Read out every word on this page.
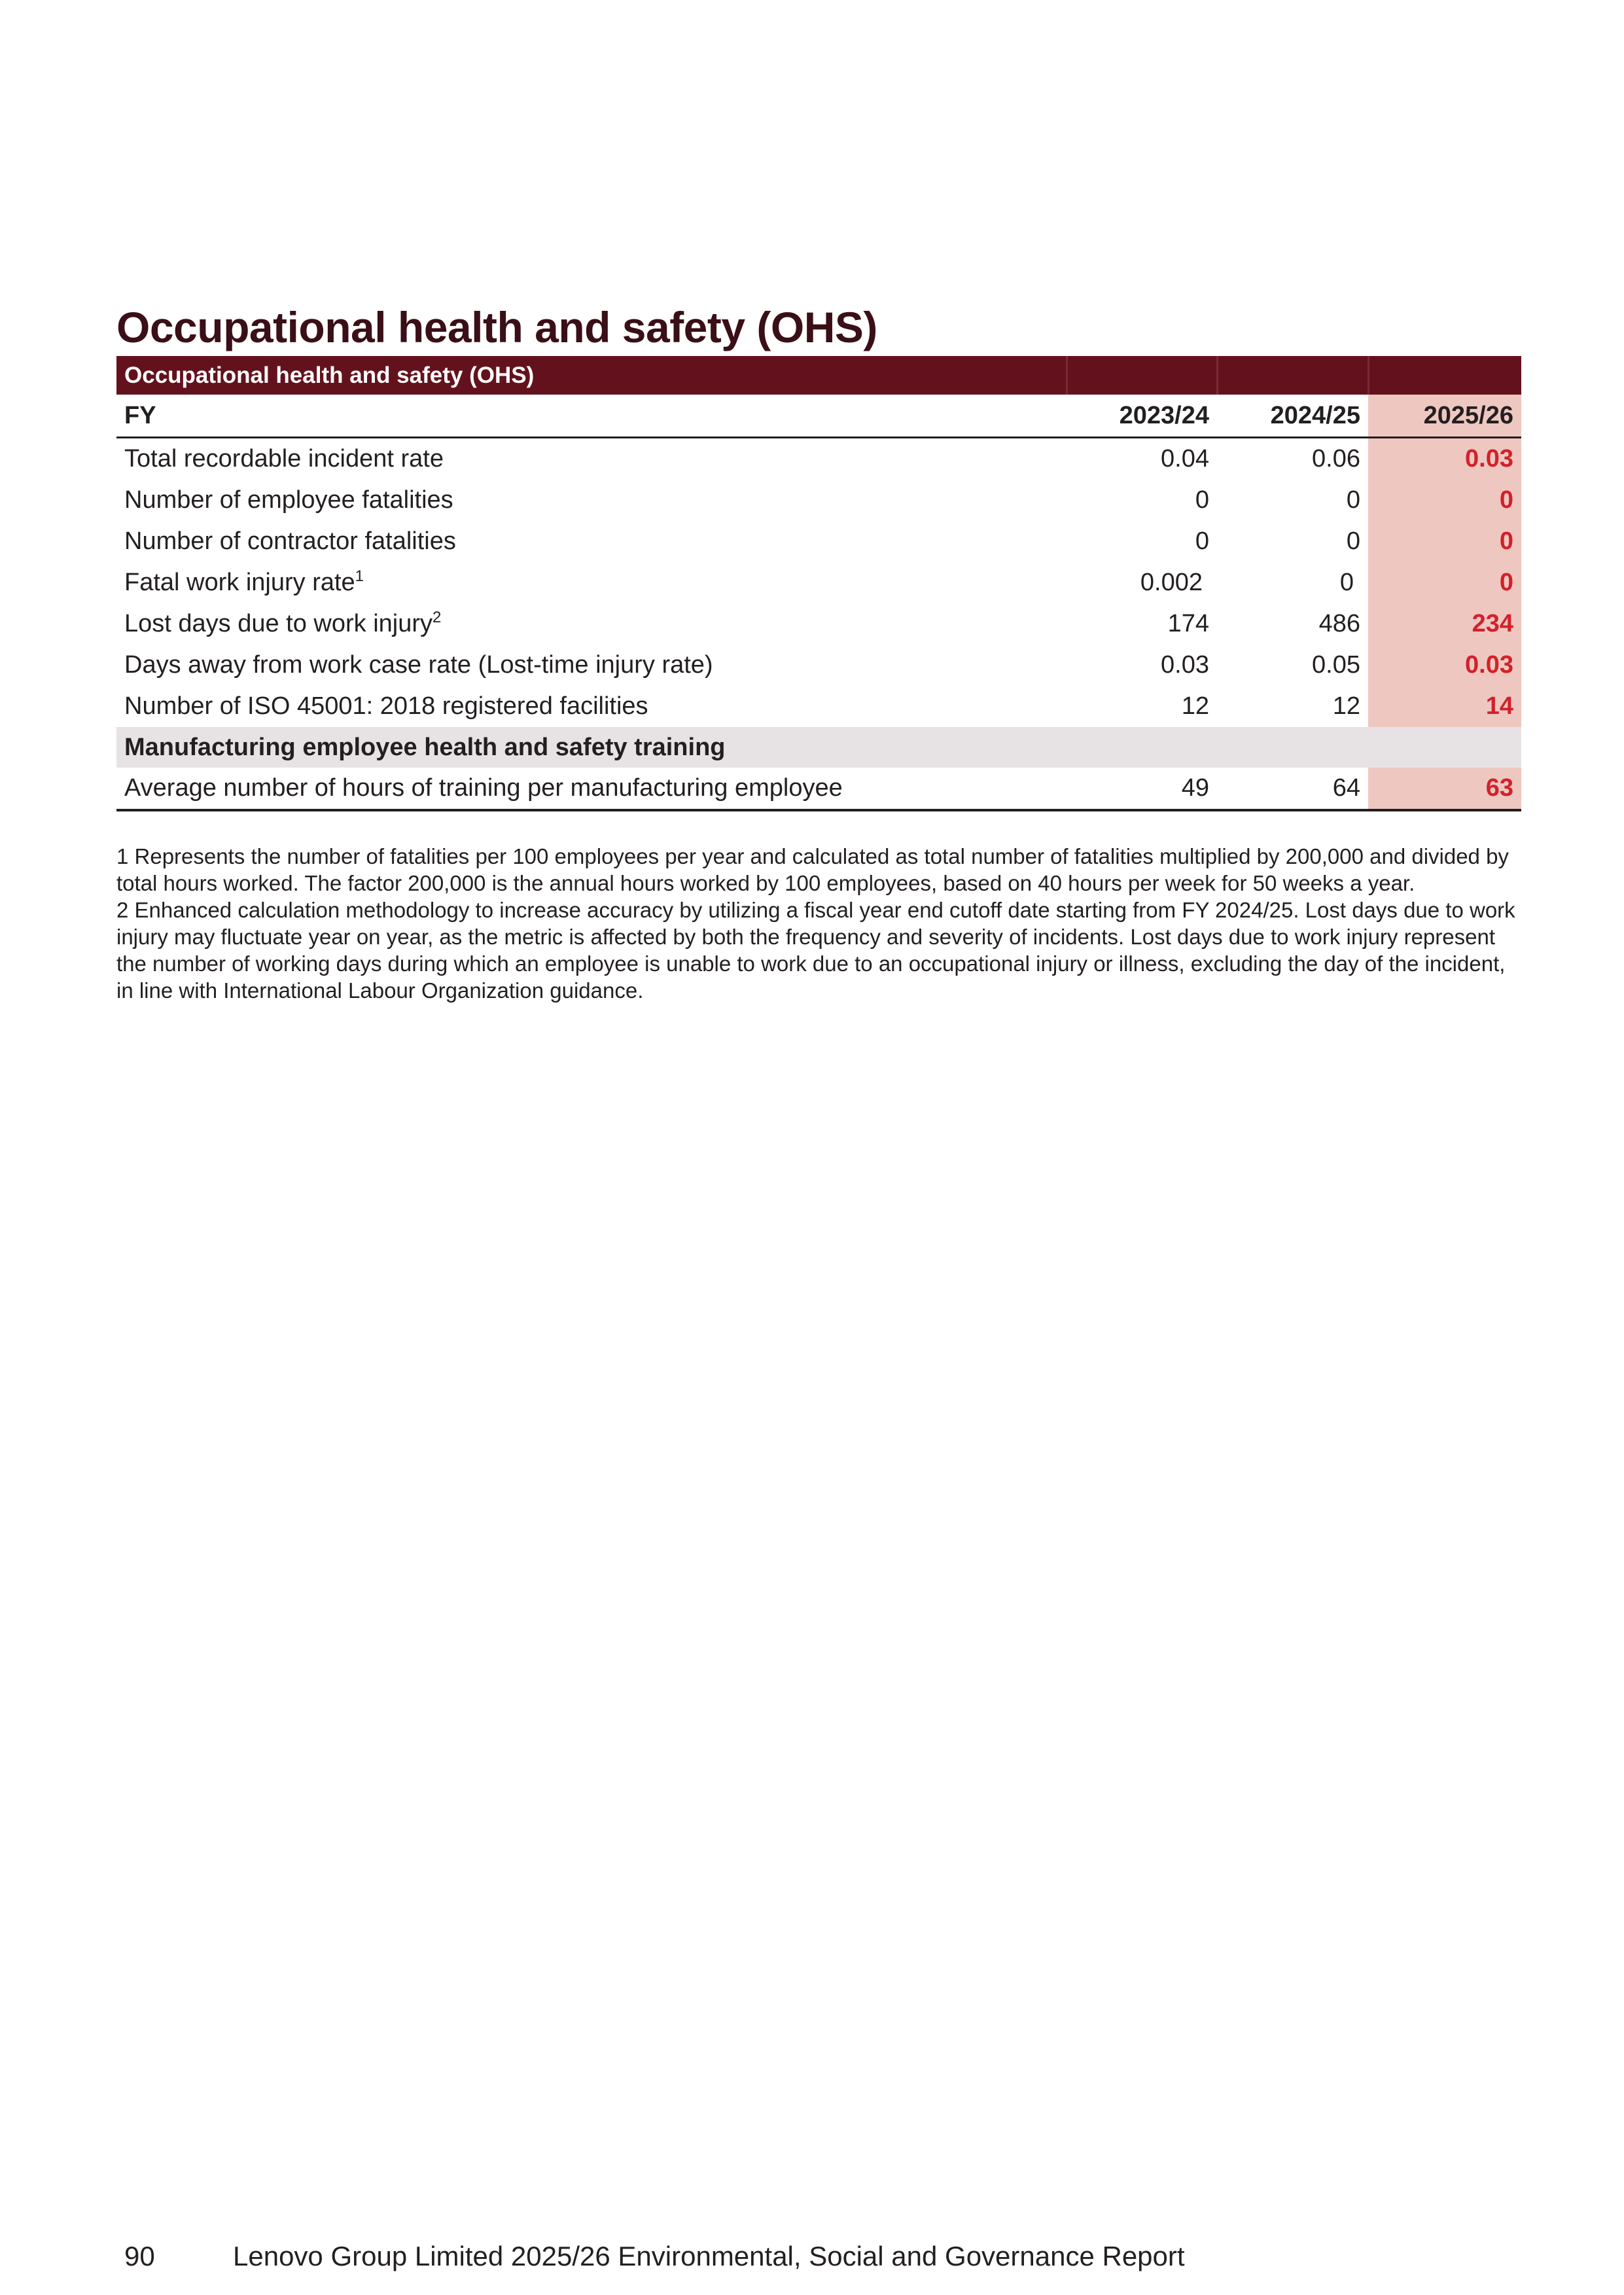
Occupational health and safety (OHS)
Occupational health and safety (OHS)			
FY	2023/24	2024/25	2025/26
Total recordable incident rate	0.04	0.06	0.03
Number of employee fatalities	0	0	0
Number of contractor fatalities	0	0	0
Fatal work injury rate$^1$	0.002	0	0
Lost days due to work injury$^2$	174	486	234
Days away from work case rate (Lost-time injury rate)	0.03	0.05	0.03
Number of ISO 45001: 2018 registered facilities	12	12	14
Manufacturing employee health and safety training			
Average number of hours of training per manufacturing employee	49	64	63

1 Represents the number of fatalities per 100 employees per year and calculated as total number of fatalities multiplied by 200,000 and divided by total hours worked. The factor 200,000 is the annual hours worked by 100 employees, based on 40 hours per week for 50 weeks a year.

2 Enhanced calculation methodology to increase accuracy by utilizing a fiscal year end cutoff date starting from FY 2024/25. Lost days due to work injury may fluctuate year on year, as the metric is affected by both the frequency and severity of incidents. Lost days due to work injury represent the number of working days during which an employee is unable to work due to an occupational injury or illness, excluding the day of the incident, in line with International Labour Organization guidance.

90	Lenovo Group Limited 2025/26 Environmental, Social and Governance Report
